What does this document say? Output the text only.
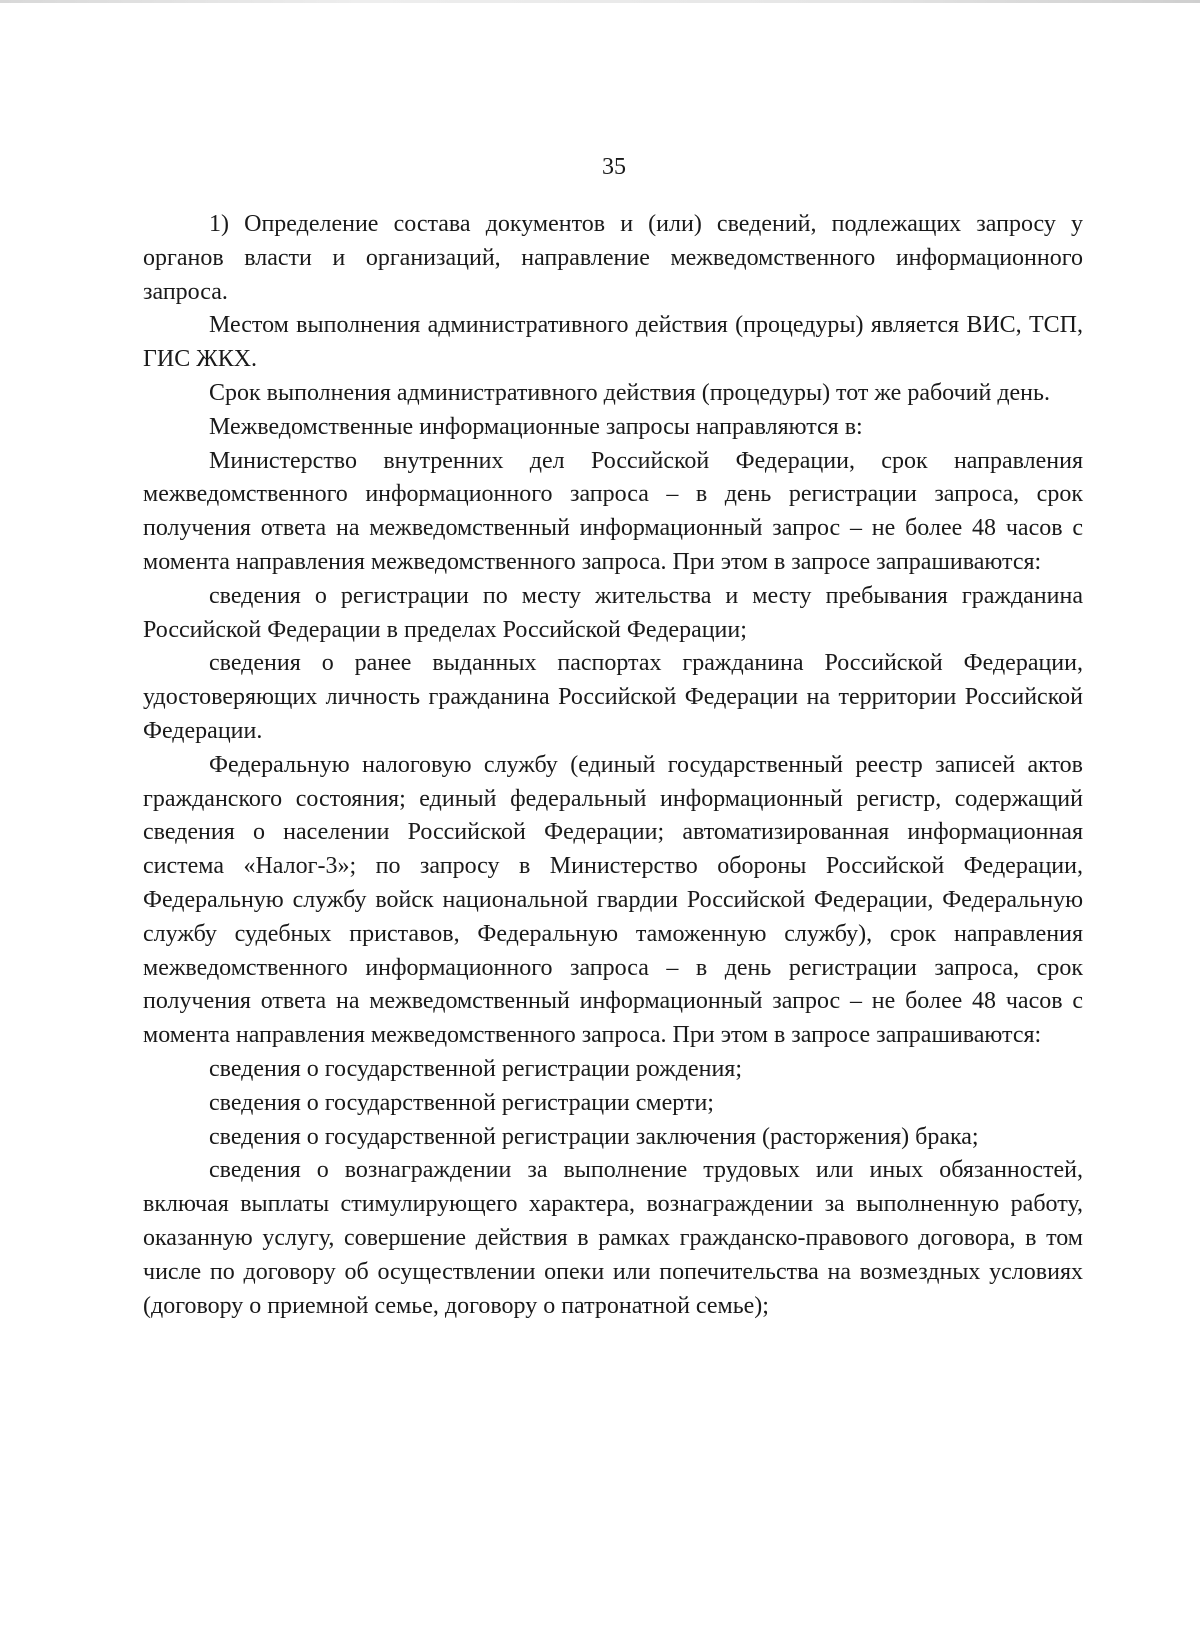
35

1) Определение состава документов и (или) сведений, подлежащих запросу у органов власти и организаций, направление межведомственного информационного запроса.

Местом выполнения административного действия (процедуры) является ВИС, ТСП, ГИС ЖКХ.

Срок выполнения административного действия (процедуры) тот же рабочий день.

Межведомственные информационные запросы направляются в:

Министерство внутренних дел Российской Федерации, срок направления межведомственного информационного запроса – в день регистрации запроса, срок получения ответа на межведомственный информационный запрос – не более 48 часов с момента направления межведомственного запроса. При этом в запросе запрашиваются:

сведения о регистрации по месту жительства и месту пребывания гражданина Российской Федерации в пределах Российской Федерации;

сведения о ранее выданных паспортах гражданина Российской Федерации, удостоверяющих личность гражданина Российской Федерации на территории Российской Федерации.

Федеральную налоговую службу (единый государственный реестр записей актов гражданского состояния; единый федеральный информационный регистр, содержащий сведения о населении Российской Федерации; автоматизированная информационная система «Налог-3»; по запросу в Министерство обороны Российской Федерации, Федеральную службу войск национальной гвардии Российской Федерации, Федеральную службу судебных приставов, Федеральную таможенную службу), срок направления межведомственного информационного запроса – в день регистрации запроса, срок получения ответа на межведомственный информационный запрос – не более 48 часов с момента направления межведомственного запроса. При этом в запросе запрашиваются:

сведения о государственной регистрации рождения;

сведения о государственной регистрации смерти;

сведения о государственной регистрации заключения (расторжения) брака;

сведения о вознаграждении за выполнение трудовых или иных обязанностей, включая выплаты стимулирующего характера, вознаграждении за выполненную работу, оказанную услугу, совершение действия в рамках гражданско-правового договора, в том числе по договору об осуществлении опеки или попечительства на возмездных условиях (договору о приемной семье, договору о патронатной семье);
